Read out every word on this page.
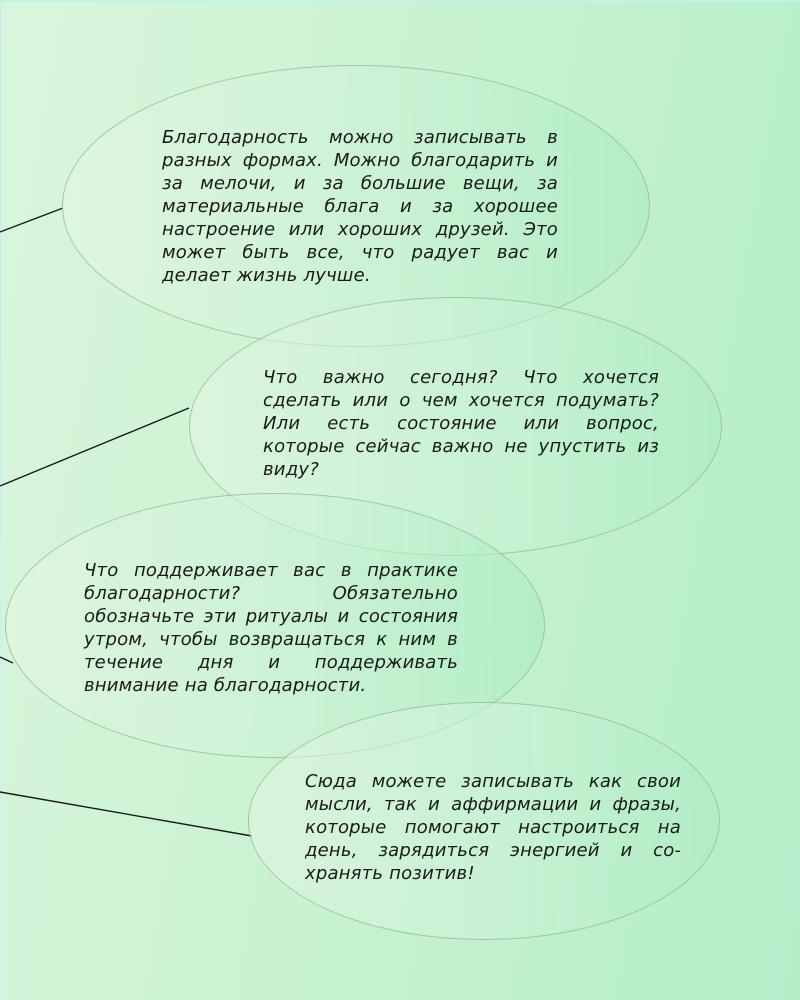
Благодарность можно записывать в разных формах. Можно благодарить и за мелочи, и за большие вещи, за материальные блага и за хорошее настроение или хороших друзей. Это может быть все, что радует вас и делает жизнь лучше.

Что важно сегодня? Что хочется сделать или о чем хочется подумать? Или есть состояние или вопрос, которые сейчас важно не упустить из виду?

Что поддерживает вас в практике благодарности? Обязательно обозначьте эти ритуалы и состояния утром, чтобы возвращаться к ним в течение дня и поддерживать внимание на благодарности.

Сюда можете записывать как свои мысли, так и аффирмации и фразы, которые помогают настроиться на день, зарядиться энергией и сохранять позитив!
